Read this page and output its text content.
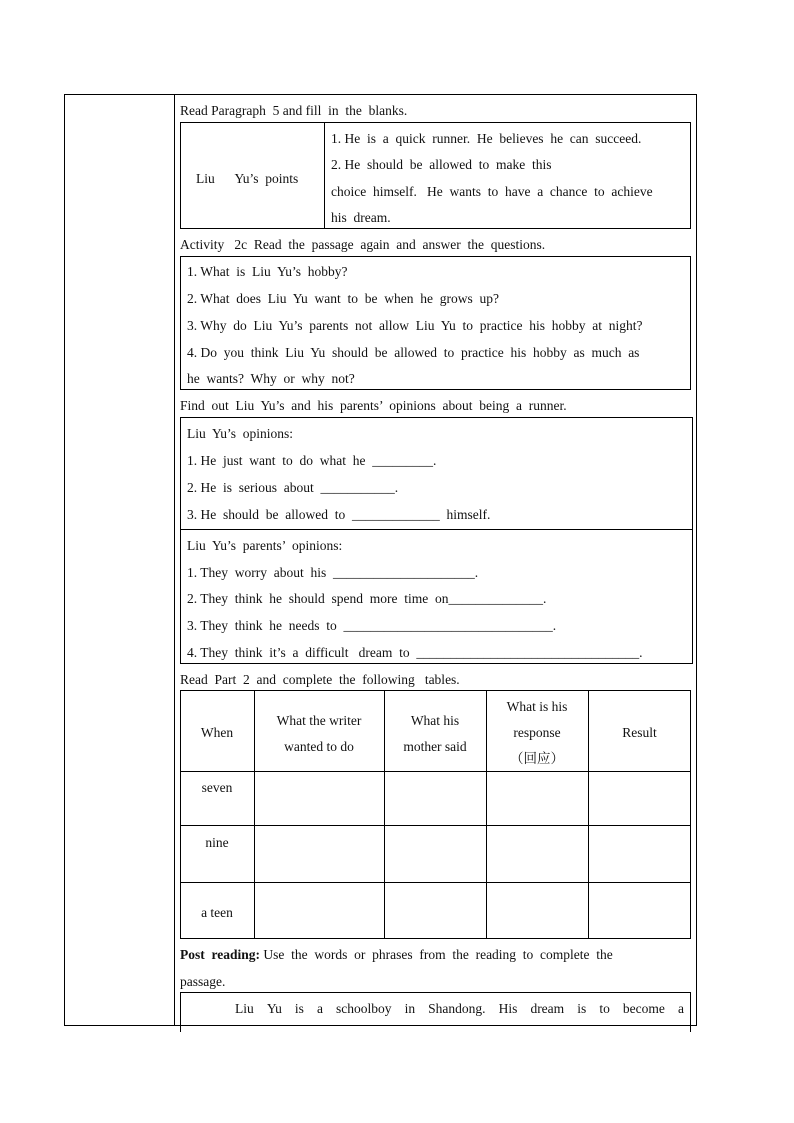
Read Paragraph  5 and fill  in  the  blanks.
Liu      Yu’s  points
1. He  is  a  quick  runner.  He  believes  he  can  succeed.
2. He  should  be  allowed  to  make  this
choice  himself.   He  wants  to  have  a  chance  to  achieve
his  dream.
Activity   2c  Read  the  passage  again  and  answer  the  questions.
1. What  is  Liu  Yu’s  hobby?
2. What  does  Liu  Yu  want  to  be  when  he  grows  up?
3. Why  do  Liu  Yu’s  parents  not  allow  Liu  Yu  to  practice  his  hobby  at  night?
4. Do  you  think  Liu  Yu  should  be  allowed  to  practice  his  hobby  as  much  as
he  wants?  Why  or  why  not?
Find  out  Liu  Yu’s  and  his  parents’  opinions  about  being  a  runner.
Liu  Yu’s  opinions:
1. He  just  want  to  do  what  he  _________.
2. He  is  serious  about  ___________.
3. He  should  be  allowed  to  _____________  himself.
Liu  Yu’s  parents’  opinions:
1. They  worry  about  his  _____________________.
2. They  think  he  should  spend  more  time  on______________.
3. They  think  he  needs  to  _______________________________.
4. They  think  it’s  a  difficult   dream  to  _________________________________.
Read  Part  2  and  complete  the  following   tables.
When
What the writer
wanted to do
What his
mother said
What is his
response
（回应）
Result
seven
nine
a teen
Post  reading: Use  the  words  or  phrases  from  the  reading  to  complete  the
passage.
Liu Yu is a schoolboy in Shandong. His dream is to become a
